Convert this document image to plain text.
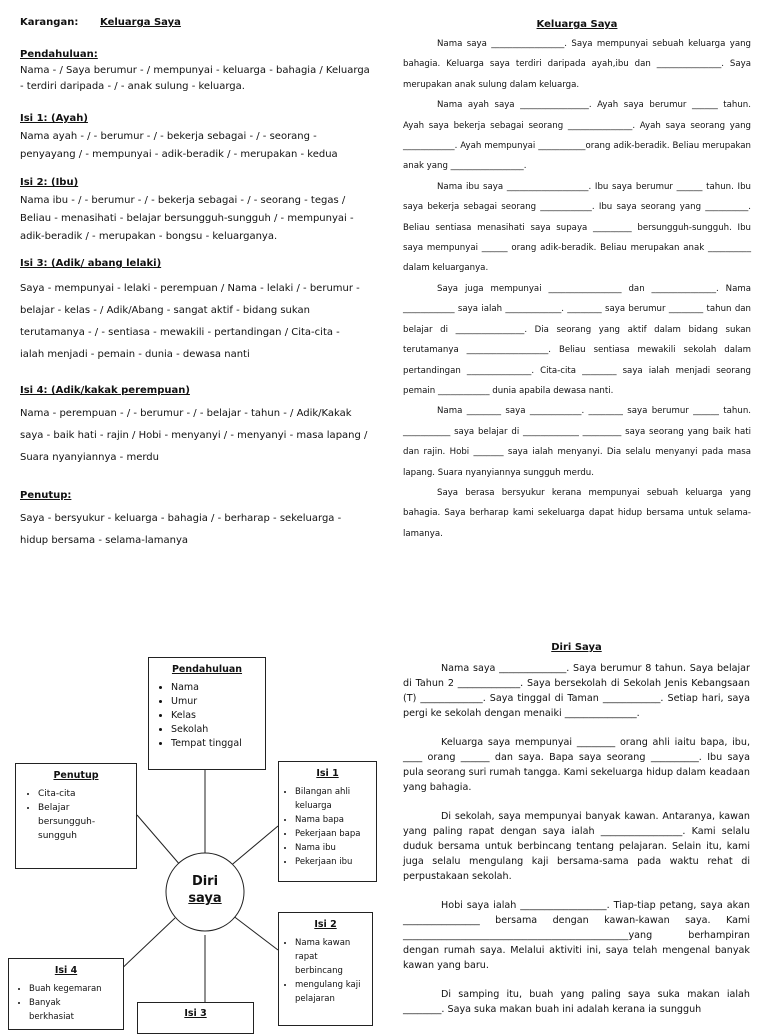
Karangan: Keluarga Saya
Pendahuluan:
Nama - / Saya berumur - / mempunyai - keluarga - bahagia / Keluarga
- terdiri daripada - / - anak sulung - keluarga.
Isi 1: (Ayah)
Nama ayah - / - berumur - / - bekerja sebagai - / - seorang -
penyayang / - mempunyai - adik-beradik / - merupakan - kedua
Isi 2: (Ibu)
Nama ibu - / - berumur - / - bekerja sebagai - / - seorang - tegas /
Beliau - menasihati - belajar bersungguh-sungguh / - mempunyai -
adik-beradik / - merupakan - bongsu - keluarganya.
Isi 3: (Adik/ abang lelaki)
Saya - mempunyai - lelaki - perempuan / Nama - lelaki / - berumur -
belajar - kelas - / Adik/Abang - sangat aktif - bidang sukan
terutamanya - / - sentiasa - mewakili - pertandingan / Cita-cita -
ialah menjadi - pemain - dunia - dewasa nanti
Isi 4: (Adik/kakak perempuan)
Nama - perempuan - / - berumur - / - belajar - tahun - / Adik/Kakak
saya - baik hati - rajin / Hobi - menyanyi / - menyanyi - masa lapang /
Suara nyanyiannya - merdu
Penutup:
Saya - bersyukur - keluarga - bahagia / - berharap - sekeluarga -
hidup bersama - selama-lamanya
Keluarga Saya

Nama saya _________________. Saya mempunyai sebuah keluarga yang bahagia. Keluarga saya terdiri daripada ayah,ibu dan _______________. Saya merupakan anak sulung dalam keluarga.

Nama ayah saya ________________. Ayah saya berumur ______ tahun. Ayah saya bekerja sebagai seorang _______________. Ayah saya seorang yang ____________. Ayah mempunyai ___________orang adik-beradik. Beliau merupakan anak yang _________________.

Nama ibu saya ___________________. Ibu saya berumur ______ tahun. Ibu saya bekerja sebagai seorang ____________. Ibu saya seorang yang __________. Beliau sentiasa menasihati saya supaya _________ bersungguh-sungguh. Ibu saya mempunyai ______ orang adik-beradik. Beliau merupakan anak __________ dalam keluarganya.

Saya juga mempunyai _________________ dan _______________. Nama ____________ saya ialah _____________. ________ saya berumur ________ tahun dan belajar di ________________. Dia seorang yang aktif dalam bidang sukan terutamanya ___________________. Beliau sentiasa mewakili sekolah dalam pertandingan _______________. Cita-cita ________ saya ialah menjadi seorang pemain ____________ dunia apabila dewasa nanti.

Nama ________ saya ____________. ________ saya berumur ______ tahun. ___________ saya belajar di _____________ _________ saya seorang yang baik hati dan rajin. Hobi _______ saya ialah menyanyi. Dia selalu menyanyi pada masa lapang. Suara nyanyiannya sungguh merdu.

Saya berasa bersyukur kerana mempunyai sebuah keluarga yang bahagia. Saya berharap kami sekeluarga dapat hidup bersama untuk selama-lamanya.

Diri
saya
Pendahuluan
• Nama
• Umur
• Kelas
• Sekolah
• Tempat tinggal
Penutup
• Cita-cita
• Belajar bersungguh-sungguh
Isi 1
• Bilangan ahli keluarga
• Nama bapa
• Pekerjaan bapa
• Nama ibu
• Pekerjaan ibu
Isi 2
• Nama kawan rapat berbincang
• mengulang kaji pelajaran
Isi 4
• Buah kegemaran
• Banyak berkhasiat	Isi 3
Diri Saya

Nama saya ______________. Saya berumur 8 tahun. Saya belajar di Tahun 2 _____________. Saya bersekolah di Sekolah Jenis Kebangsaan (T) _____________. Saya tinggal di Taman ____________. Setiap hari, saya pergi ke sekolah dengan menaiki _______________.

Keluarga saya mempunyai ________ orang ahli iaitu bapa, ibu, ____ orang ______ dan saya. Bapa saya seorang __________. Ibu saya pula seorang suri rumah tangga. Kami sekeluarga hidup dalam keadaan yang bahagia.

Di sekolah, saya mempunyai banyak kawan. Antaranya, kawan yang paling rapat dengan saya ialah _________________. Kami selalu duduk bersama untuk berbincang tentang pelajaran. Selain itu, kami juga selalu mengulang kaji bersama-sama pada waktu rehat di perpustakaan sekolah.

Hobi saya ialah __________________. Tiap-tiap petang, saya akan ________________ bersama dengan kawan-kawan saya. Kami _______________________________________________yang berhampiran dengan rumah saya. Melalui aktiviti ini, saya telah mengenal banyak kawan yang baru.

Di samping itu, buah yang paling saya suka makan ialah ________. Saya suka makan buah ini adalah kerana ia sungguh
